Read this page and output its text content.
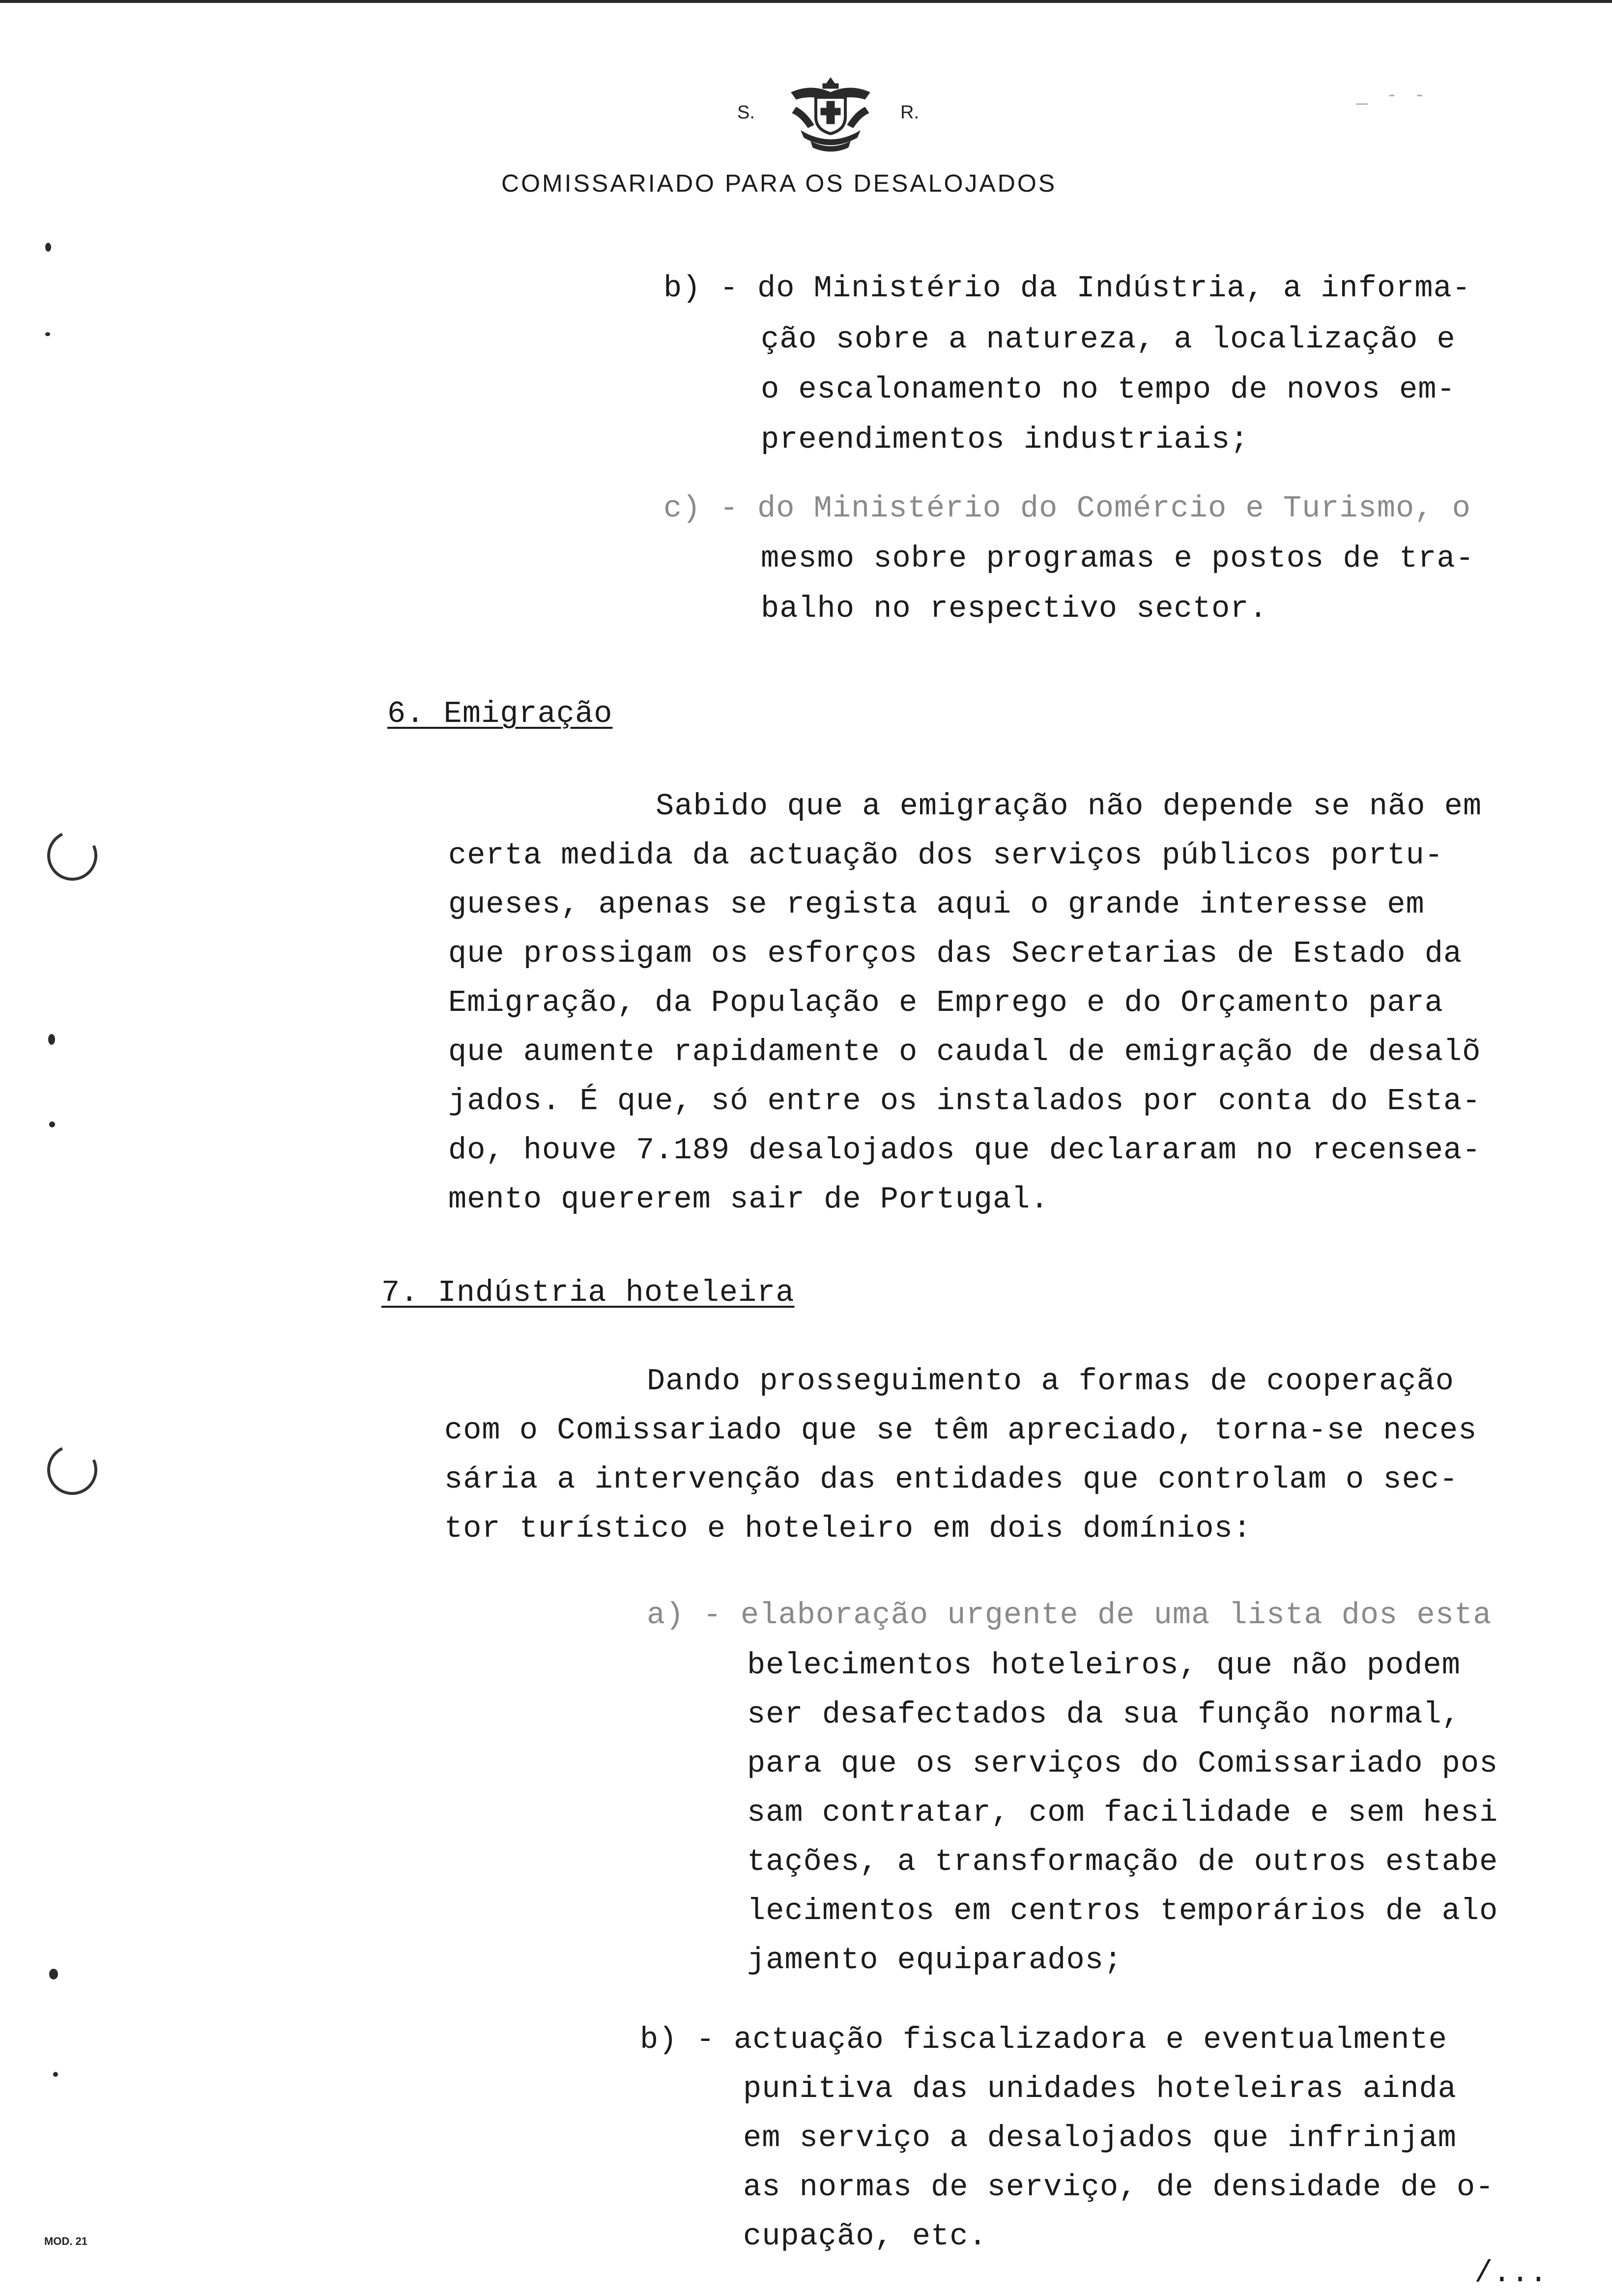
S.	R.
COMISSARIADO PARA OS DESALOJADOS
_ - -
b) - do Ministério da Indústria, a informa-
ção sobre a natureza, a localização e
o escalonamento no tempo de novos em-
preendimentos industriais;
c) - do Ministério do Comércio e Turismo, o
mesmo sobre programas e postos de tra-
balho no respectivo sector.
6. Emigração
Sabido que a emigração não depende se não em
certa medida da actuação dos serviços públicos portu-
gueses, apenas se regista aqui o grande interesse em
que prossigam os esforços das Secretarias de Estado da
Emigração, da População e Emprego e do Orçamento para
que aumente rapidamente o caudal de emigração de desalõ
jados. É que, só entre os instalados por conta do Esta-
do, houve 7.189 desalojados que declararam no recensea-
mento quererem sair de Portugal.
7. Indústria hoteleira
Dando prosseguimento a formas de cooperação
com o Comissariado que se têm apreciado, torna-se neces
sária a intervenção das entidades que controlam o sec-
tor turístico e hoteleiro em dois domínios:
a) - elaboração urgente de uma lista dos esta
belecimentos hoteleiros, que não podem
ser desafectados da sua função normal,
para que os serviços do Comissariado pos
sam contratar, com facilidade e sem hesi
tações, a transformação de outros estabe
lecimentos em centros temporários de alo
jamento equiparados;
b) - actuação fiscalizadora e eventualmente
punitiva das unidades hoteleiras ainda
em serviço a desalojados que infrinjam
as normas de serviço, de densidade de o-
cupação, etc.
MOD. 21
/...
